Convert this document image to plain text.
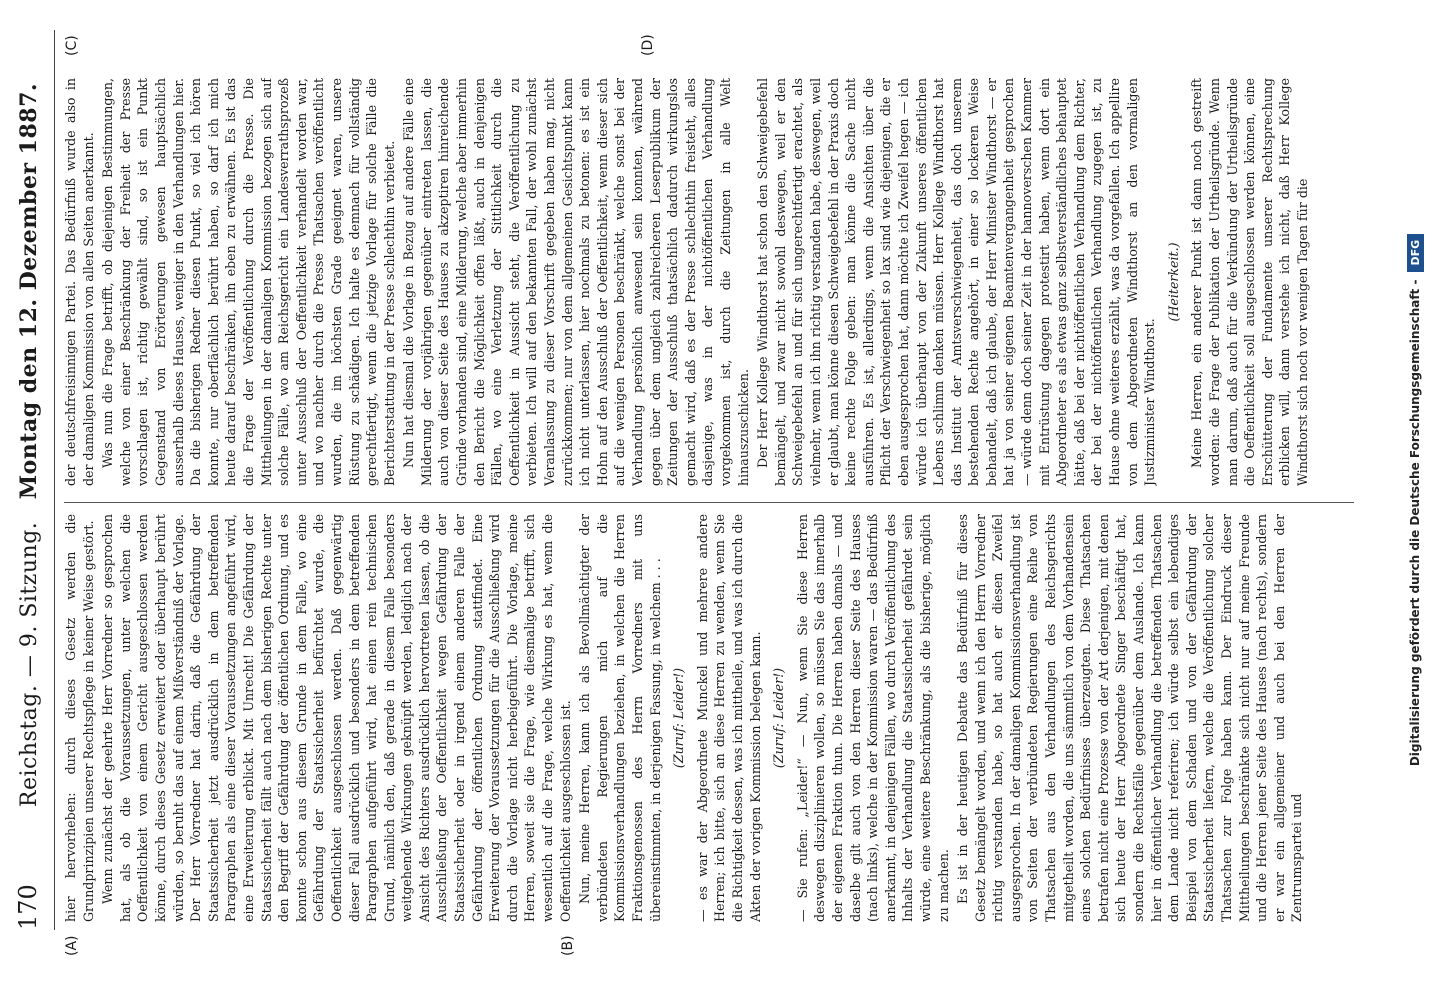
170
Reichstag. — 9. Sitzung.   Montag den 12. Dezember 1887.
(A)	(B)
(C)	(D)

hier hervorheben: durch dieses Gesetz werden die Grundprinzipien unserer Rechtspflege in keiner Weise gestört. Wenn zunächst der geehrte Herr Vorredner so gesprochen hat, als ob die Voraussetzungen, unter welchen die Oeffentlichkeit von einem Gericht ausgeschlossen werden könne, durch dieses Gesetz erweitert oder überhaupt berührt würden, so beruht das auf einem Mißverständniß der Vorlage. Der Herr Vorredner hat darin, daß die Gefährdung der Staatssicherheit jetzt ausdrücklich in dem betreffenden Paragraphen als eine dieser Voraussetzungen angeführt wird, eine Erweiterung erblickt. Mit Unrecht! Die Gefährdung der Staatssicherheit fällt auch nach dem bisherigen Rechte unter den Begriff der Gefährdung der öffentlichen Ordnung, und es konnte schon aus diesem Grunde in dem Falle, wo eine Gefährdung der Staatssicherheit befürchtet wurde, die Oeffentlichkeit ausgeschlossen werden. Daß gegenwärtig dieser Fall ausdrücklich und besonders in dem betreffenden Paragraphen aufgeführt wird, hat einen rein technischen Grund, nämlich den, daß gerade in diesem Falle besonders weitgehende Wirkungen geknüpft werden, lediglich nach der Ansicht des Richters ausdrücklich hervortreten lassen, ob die Ausschließung der Oeffentlichkeit wegen Gefährdung der Staatssicherheit oder in irgend einem anderen Falle der Gefährdung der öffentlichen Ordnung stattfindet. Eine Erweiterung der Voraussetzungen für die Ausschließung wird durch die Vorlage nicht herbeigeführt. Die Vorlage, meine Herren, soweit sie die Frage, wie diesmalige betrifft, sich wesentlich auf die Frage, welche Wirkung es hat, wenn die Oeffentlichkeit ausgeschlossen ist. Nun, meine Herren, kann ich als Bevollmächtigter der verbündeten Regierungen mich auf die Kommissionsverhandlungen beziehen, in welchen die Herren Fraktionsgenossen des Herrn Vorredners mit uns übereinstimmten, in derjenigen Fassung, in welchem . . . (Zuruf: Leider!) — es war der Abgeordnete Munckel und mehrere andere Herren; ich bitte, sich an diese Herren zu wenden, wenn Sie die Richtigkeit dessen, was ich mittheile, und was ich durch die Akten der vorigen Kommission belegen kann. (Zuruf: Leider!) — Sie rufen: „Leider!“ — Nun, wenn Sie diese Herren deswegen disziplinieren wollen, so müssen Sie das innerhalb der eigenen Fraktion thun. Die Herren haben damals — und daselbe gilt auch von den Herren dieser Seite des Hauses (nach links), welche in der Kommission waren — das Bedürfniß anerkannt, in denjenigen Fällen, wo durch Veröffentlichung des Inhalts der Verhandlung die Staatssicherheit gefährdet sein würde, eine weitere Beschränkung, als die bisherige, möglich zu machen. Es ist in der heutigen Debatte das Bedürfniß für dieses Gesetz bemängelt worden, und wenn ich den Herrn Vorredner richtig verstanden habe, so hat auch er diesen Zweifel ausgesprochen. In der damaligen Kommissionsverhandlung ist von Seiten der verbündeten Regierungen eine Reihe von Thatsachen aus den Verhandlungen des Reichsgerichts mitgetheilt worden, die uns sämmtlich von dem Vorhandensein eines solchen Bedürfnisses überzeugten. Diese Thatsachen betrafen nicht eine Prozesse von der Art derjenigen, mit denen sich heute der Herr Abgeordnete Singer beschäftigt hat, sondern die Rechtsfälle gegenüber dem Auslande. Ich kann hier in öffentlicher Verhandlung die betreffenden Thatsachen dem Lande nicht referiren; ich würde selbst ein lebendiges Beispiel von dem Schaden und von der Gefährdung der Staatssicherheit liefern, welche die Veröffentlichung solcher Thatsachen zur Folge haben kann. Der Eindruck dieser Mittheilungen beschränkte sich nicht nur auf meine Freunde und die Herren jener Seite des Hauses (nach rechts), sondern er war ein allgemeiner und auch bei den Herren der Zentrumspartei und

der deutschfreisinnigen Partei. Das Bedürfniß wurde also in der damaligen Kommission von allen Seiten anerkannt. Was nun die Frage betrifft, ob diejenigen Bestimmungen, welche von einer Beschränkung der Freiheit der Presse vorschlagen ist, richtig gewählt sind, so ist ein Punkt Gegenstand von Erörterungen gewesen hauptsächlich ausserhalb dieses Hauses, weniger in den Verhandlungen hier. Da die bisherigen Redner diesen Punkt, so viel ich hören konnte, nur oberflächlich berührt haben, so darf ich mich heute darauf beschränken, ihn eben zu erwähnen. Es ist das die Frage der Veröffentlichung durch die Presse. Die Mittheilungen in der damaligen Kommission bezogen sich auf solche Fälle, wo am Reichsgericht ein Landesverrathsprozeß unter Ausschluß der Oeffentlichkeit verhandelt worden war, und wo nachher durch die Presse Thatsachen veröffentlicht wurden, die im höchsten Grade geeignet waren, unsere Rüstung zu schädigen. Ich halte es demnach für vollständig gerechtfertigt, wenn die jetzige Vorlage für solche Fälle die Berichterstattung in der Presse schlechthin verbietet. Nun hat diesmal die Vorlage in Bezug auf andere Fälle eine Milderung der vorjährigen gegenüber eintreten lassen, die auch von dieser Seite des Hauses zu akzeptiren hinreichende Gründe vorhanden sind, eine Milderung, welche aber immerhin den Bericht die Möglichkeit offen läßt, auch in denjenigen Fällen, wo eine Verletzung der Sittlichkeit durch die Oeffentlichkeit in Aussicht steht, die Veröffentlichung zu verbieten. Ich will auf den bekannten Fall, der wohl zunächst Veranlassung zu dieser Vorschrift gegeben haben mag, nicht zurückkommen; nur von dem allgemeinen Gesichtspunkt kann ich nicht unterlassen, hier nochmals zu betonen: es ist ein Hohn auf den Ausschluß der Oeffentlichkeit, wenn dieser sich auf die wenigen Personen beschränkt, welche sonst bei der Verhandlung persönlich anwesend sein konnten, während gegen über dem ungleich zahlreicheren Leserpublikum der Zeitungen der Ausschluß thatsächlich dadurch wirkungslos gemacht wird, daß es der Presse schlechthin freisteht, alles dasjenige, was in der nichtöffentlichen Verhandlung vorgekommen ist, durch die Zeitungen in alle Welt hinauszuschicken. Der Herr Kollege Windthorst hat schon den Schweigebefehl bemängelt, und zwar nicht sowohl deswegen, weil er den Schweigebefehl an und für sich ungerechtfertigt erachtet, als vielmehr, wenn ich ihn richtig verstanden habe, deswegen, weil er glaubt, man könne diesen Schweigebefehl in der Praxis doch keine rechte Folge geben: man könne die Sache nicht ausführen. Es ist, allerdings, wenn die Ansichten über die Pflicht der Verschwiegenheit so lax sind wie diejenigen, die er eben ausgesprochen hat, dann möchte ich Zweifel hegen — ich würde ich überhaupt von der Zukunft unseres öffentlichen Lebens schlimm denken müssen. Herr Kollege Windthorst hat das Institut der Amtsverschwiegenheit, das doch unserem bestehenden Rechte angehört, in einer so lockeren Weise behandelt, daß ich glaube, der Herr Minister Windthorst — er hat ja von seiner eigenen Beamtenvergangenheit gesprochen — würde denn doch seiner Zeit in der hannoverschen Kammer mit Entrüstung dagegen protestirt haben, wenn dort ein Abgeordneter es als etwas ganz selbstverständliches behauptet hätte, daß bei der nichtöffentlichen Verhandlung dem Richter, der bei der nichtöffentlichen Verhandlung zugegen ist, zu Hause ohne weiteres erzählt, was da vorgefallen. Ich appellire von dem Abgeordneten Windthorst an den vormaligen Justizminister Windthorst.

(Heiterkeit.) Meine Herren, ein anderer Punkt ist dann noch gestreift worden: die Frage der Publikation der Urtheilsgründe. Wenn man darum, daß auch für die Verkündung der Urtheilsgründe die Oeffentlichkeit soll ausgeschlossen werden können, eine Erschütterung der Fundamente unserer Rechtsprechung erblicken will, dann verstehe ich nicht, daß Herr Kollege Windthorst sich noch vor wenigen Tagen für die	Digitalisierung gefördert durch die Deutsche Forschungsgemeinschaft -
DFG
